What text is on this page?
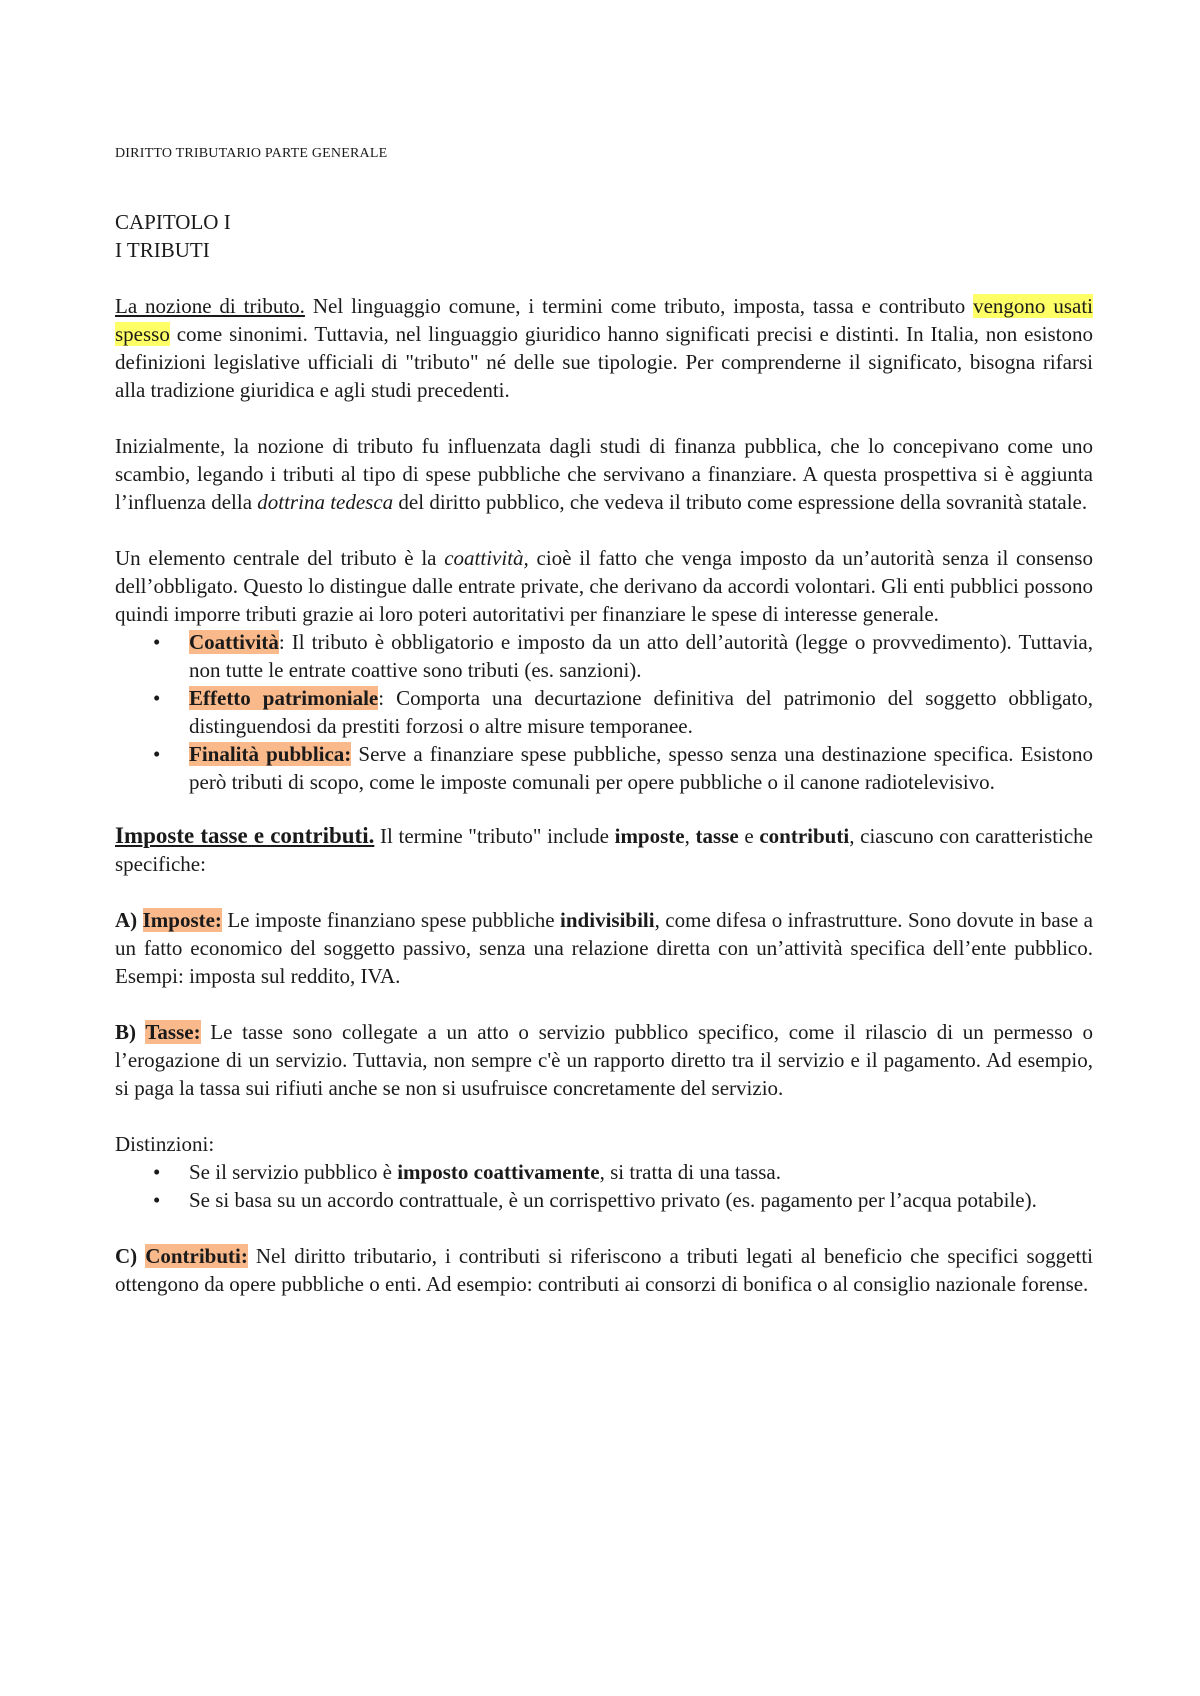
DIRITTO TRIBUTARIO PARTE GENERALE

CAPITOLO I
I TRIBUTI

La nozione di tributo. Nel linguaggio comune, i termini come tributo, imposta, tassa e contributo vengono usati spesso come sinonimi. Tuttavia, nel linguaggio giuridico hanno significati precisi e distinti. In Italia, non esistono definizioni legislative ufficiali di "tributo" né delle sue tipologie. Per comprenderne il significato, bisogna rifarsi alla tradizione giuridica e agli studi precedenti.

Inizialmente, la nozione di tributo fu influenzata dagli studi di finanza pubblica, che lo concepivano come uno scambio, legando i tributi al tipo di spese pubbliche che servivano a finanziare. A questa prospettiva si è aggiunta l’influenza della dottrina tedesca del diritto pubblico, che vedeva il tributo come espressione della sovranità statale.

Un elemento centrale del tributo è la coattività, cioè il fatto che venga imposto da un’autorità senza il consenso dell’obbligato. Questo lo distingue dalle entrate private, che derivano da accordi volontari. Gli enti pubblici possono quindi imporre tributi grazie ai loro poteri autoritativi per finanziare le spese di interesse generale.

• Coattività: Il tributo è obbligatorio e imposto da un atto dell’autorità (legge o provvedimento). Tuttavia, non tutte le entrate coattive sono tributi (es. sanzioni).
• Effetto patrimoniale: Comporta una decurtazione definitiva del patrimonio del soggetto obbligato, distinguendosi da prestiti forzosi o altre misure temporanee.
• Finalità pubblica: Serve a finanziare spese pubbliche, spesso senza una destinazione specifica. Esistono però tributi di scopo, come le imposte comunali per opere pubbliche o il canone radiotelevisivo.

Imposte tasse e contributi. Il termine "tributo" include imposte, tasse e contributi, ciascuno con caratteristiche specifiche:

A) Imposte: Le imposte finanziano spese pubbliche indivisibili, come difesa o infrastrutture. Sono dovute in base a un fatto economico del soggetto passivo, senza una relazione diretta con un’attività specifica dell’ente pubblico. Esempi: imposta sul reddito, IVA.

B) Tasse: Le tasse sono collegate a un atto o servizio pubblico specifico, come il rilascio di un permesso o l’erogazione di un servizio. Tuttavia, non sempre c'è un rapporto diretto tra il servizio e il pagamento. Ad esempio, si paga la tassa sui rifiuti anche se non si usufruisce concretamente del servizio.

Distinzioni:

• Se il servizio pubblico è imposto coattivamente, si tratta di una tassa.
• Se si basa su un accordo contrattuale, è un corrispettivo privato (es. pagamento per l’acqua potabile).

C) Contributi: Nel diritto tributario, i contributi si riferiscono a tributi legati al beneficio che specifici soggetti ottengono da opere pubbliche o enti. Ad esempio: contributi ai consorzi di bonifica o al consiglio nazionale forense.
